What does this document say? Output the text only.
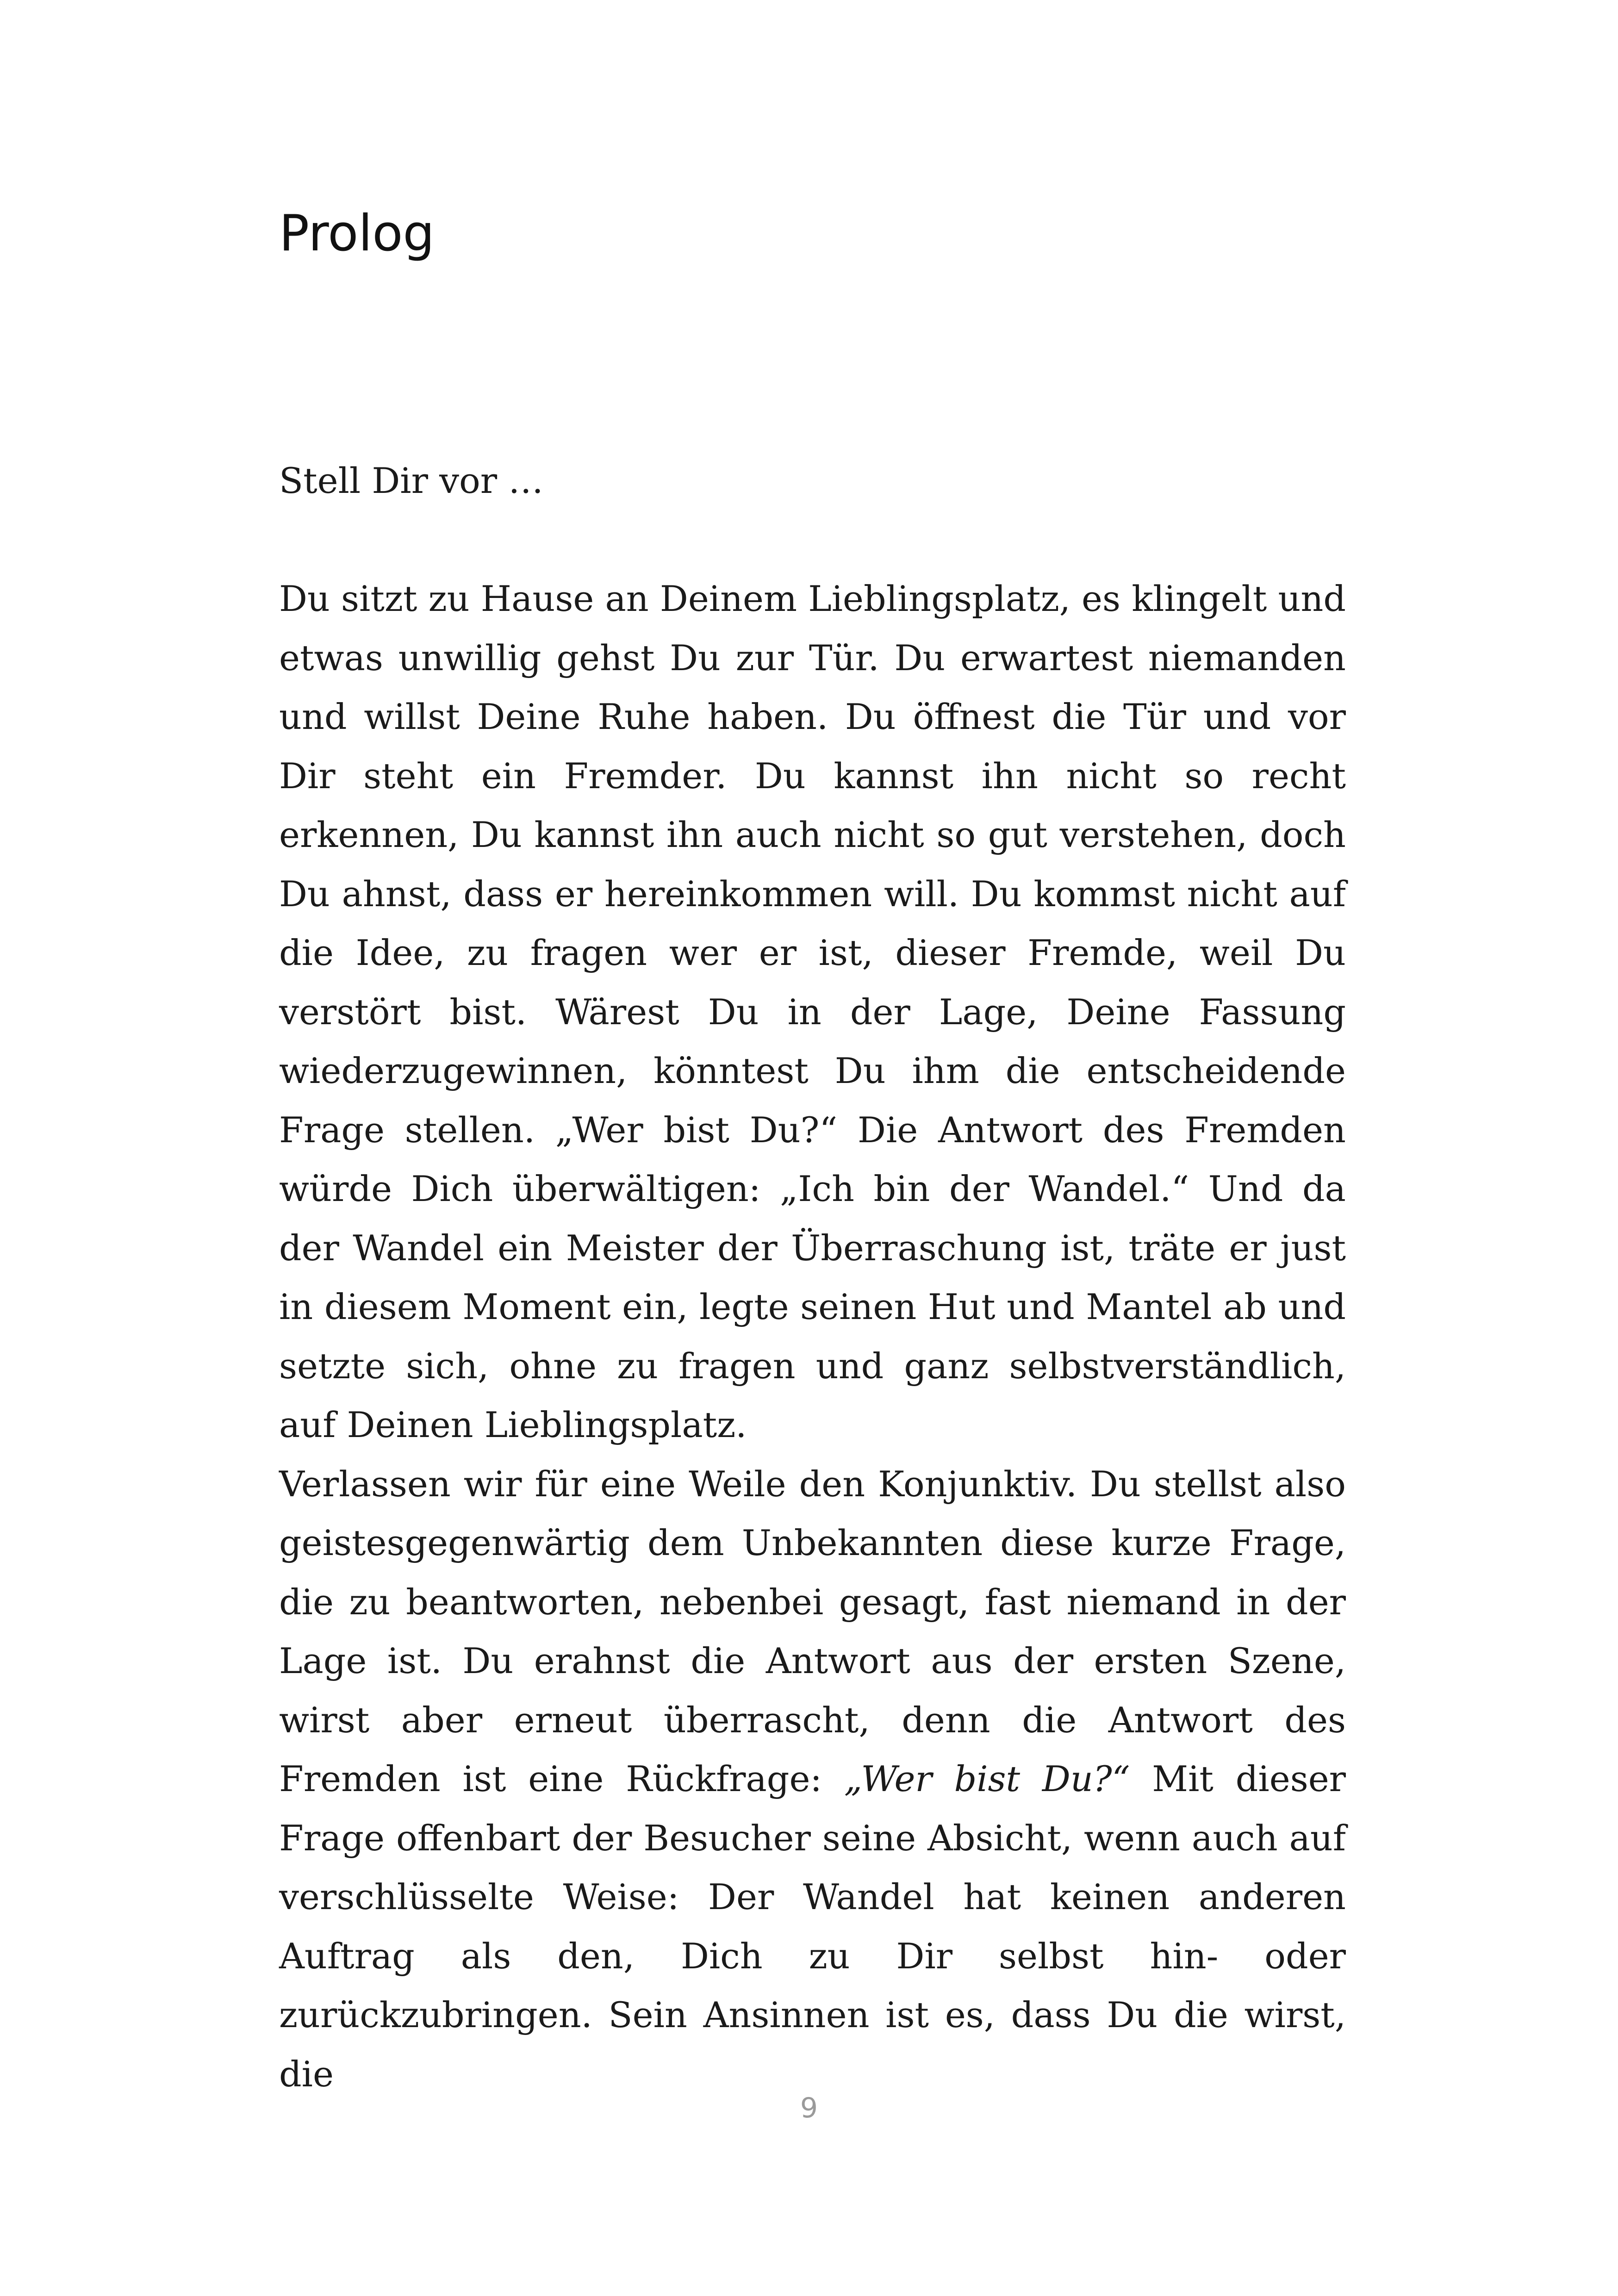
Prolog

Stell Dir vor …

Du sitzt zu Hause an Deinem Lieblingsplatz, es klingelt und etwas unwillig gehst Du zur Tür. Du erwartest niemanden und willst Deine Ruhe haben. Du öffnest die Tür und vor Dir steht ein Fremder. Du kannst ihn nicht so recht erkennen, Du kannst ihn auch nicht so gut verstehen, doch Du ahnst, dass er hereinkommen will. Du kommst nicht auf die Idee, zu fragen wer er ist, dieser Fremde, weil Du verstört bist. Wärest Du in der Lage, Deine Fassung wiederzugewinnen, könntest Du ihm die entscheidende Frage stellen. „Wer bist Du?“ Die Antwort des Fremden würde Dich überwältigen: „Ich bin der Wandel.“ Und da der Wandel ein Meister der Überraschung ist, träte er just in diesem Moment ein, legte seinen Hut und Mantel ab und setzte sich, ohne zu fragen und ganz selbstverständlich, auf Deinen Lieblingsplatz.

Verlassen wir für eine Weile den Konjunktiv. Du stellst also geistesgegenwärtig dem Unbekannten diese kurze Frage, die zu beantworten, nebenbei gesagt, fast niemand in der Lage ist. Du erahnst die Antwort aus der ersten Szene, wirst aber erneut überrascht, denn die Antwort des Fremden ist eine Rückfrage: „Wer bist Du?“ Mit dieser Frage offenbart der Besucher seine Absicht, wenn auch auf verschlüsselte Weise: Der Wandel hat keinen anderen Auftrag als den, Dich zu Dir selbst hin- oder zurückzubringen. Sein Ansinnen ist es, dass Du die wirst, die

9
